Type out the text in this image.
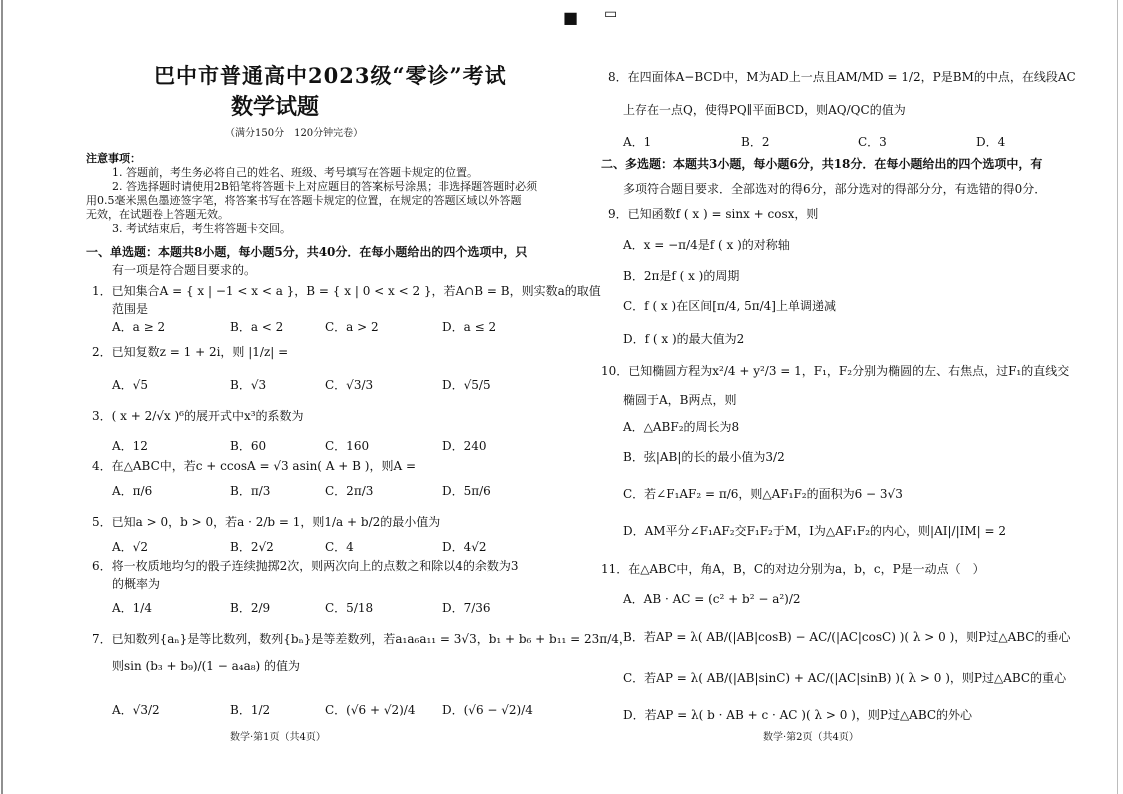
■ ▭
巴中市普通高中2023级“零诊”考试
数学试题
（满分150分　120分钟完卷）
注意事项：
1. 答题前，考生务必将自己的姓名、班级、考号填写在答题卡规定的位置。
2. 答选择题时请使用2B铅笔将答题卡上对应题目的答案标号涂黑；非选择题答题时必须
用0.5毫米黑色墨迹签字笔，将答案书写在答题卡规定的位置，在规定的答题区域以外答题
无效，在试题卷上答题无效。
3. 考试结束后，考生将答题卡交回。
一、单选题：本题共8小题，每小题5分，共40分．在每小题给出的四个选项中，只
有一项是符合题目要求的。
1．已知集合A = { x | −1 < x < a }，B = { x | 0 < x < 2 }，若A∩B = B，则实数a的取值
范围是
A．a ≥ 2	B．a < 2	C．a > 2	D．a ≤ 2
2．已知复数z = 1 + 2i，则 |1/z| =
A．√5	B．√3	C．√3/3	D．√5/5
3．( x + 2/√x )⁶的展开式中x³的系数为
A．12	B．60	C．160	D．240
4．在△ABC中，若c + ccosA = √3 asin( A + B )，则A =
A．π/6	B．π/3	C．2π/3	D．5π/6
5．已知a > 0，b > 0，若a · 2/b = 1，则1/a + b/2的最小值为
A．√2	B．2√2	C．4	D．4√2
6．将一枚质地均匀的骰子连续抛掷2次，则两次向上的点数之和除以4的余数为3
的概率为
A．1/4	B．2/9	C．5/18	D．7/36
7．已知数列{aₙ}是等比数列，数列{bₙ}是等差数列，若a₁a₆a₁₁ = 3√3，b₁ + b₆ + b₁₁ = 23π/4，
则sin (b₃ + b₉)/(1 − a₄a₈) 的值为
A．√3/2	B．1/2	C．(√6 + √2)/4 D．(√6 − √2)/4
数学·第1页（共4页）
8．在四面体A−BCD中，M为AD上一点且AM/MD = 1/2，P是BM的中点，在线段AC
上存在一点Q，使得PQ∥平面BCD，则AQ/QC的值为
A．1	B．2	C．3	D．4
二、多选题：本题共3小题，每小题6分，共18分．在每小题给出的四个选项中，有
多项符合题目要求．全部选对的得6分，部分选对的得部分分，有选错的得0分．
9．已知函数f ( x ) = sinx + cosx，则
A．x = −π/4是f ( x )的对称轴
B．2π是f ( x )的周期
C．f ( x )在区间[π/4, 5π/4]上单调递减
D．f ( x )的最大值为2
10．已知椭圆方程为x²/4 + y²/3 = 1，F₁，F₂分别为椭圆的左、右焦点，过F₁的直线交
椭圆于A，B两点，则
A．△ABF₂的周长为8
B．弦|AB|的长的最小值为3/2
C．若∠F₁AF₂ = π/6，则△AF₁F₂的面积为6 − 3√3
D．AM平分∠F₁AF₂交F₁F₂于M，I为△AF₁F₂的内心，则|AI|/|IM| = 2
11．在△ABC中，角A，B，C的对边分别为a，b，c，P是一动点（　）
A．AB · AC = (c² + b² − a²)/2
B．若AP = λ( AB/(|AB|cosB) − AC/(|AC|cosC) )( λ > 0 )，则P过△ABC的垂心
C．若AP = λ( AB/(|AB|sinC) + AC/(|AC|sinB) )( λ > 0 )，则P过△ABC的重心
D．若AP = λ( b · AB + c · AC )( λ > 0 )，则P过△ABC的外心
数学·第2页（共4页）
